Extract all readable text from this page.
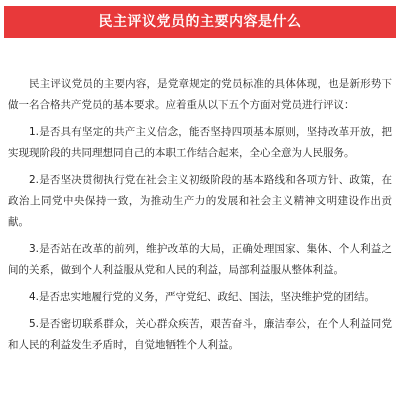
民主评议党员的主要内容是什么

民主评议党员的主要内容，是党章规定的党员标准的具体体现，也是新形势下做一名合格共产党员的基本要求。应着重从以下五个方面对党员进行评议：

1.是否具有坚定的共产主义信念，能否坚持四项基本原则，坚持改革开放，把实现现阶段的共同理想同自己的本职工作结合起来，全心全意为人民服务。

2.是否坚决贯彻执行党在社会主义初级阶段的基本路线和各项方针、政策，在政治上同党中央保持一致，为推动生产力的发展和社会主义精神文明建设作出贡献。

3.是否站在改革的前列，维护改革的大局，正确处理国家、集体、个人利益之间的关系，做到个人利益服从党和人民的利益，局部利益服从整体利益。

4.是否忠实地履行党的义务，严守党纪、政纪、国法，坚决维护党的团结。

5.是否密切联系群众，关心群众疾苦，艰苦奋斗，廉洁奉公，在个人利益同党和人民的利益发生矛盾时，自觉地牺牲个人利益。
